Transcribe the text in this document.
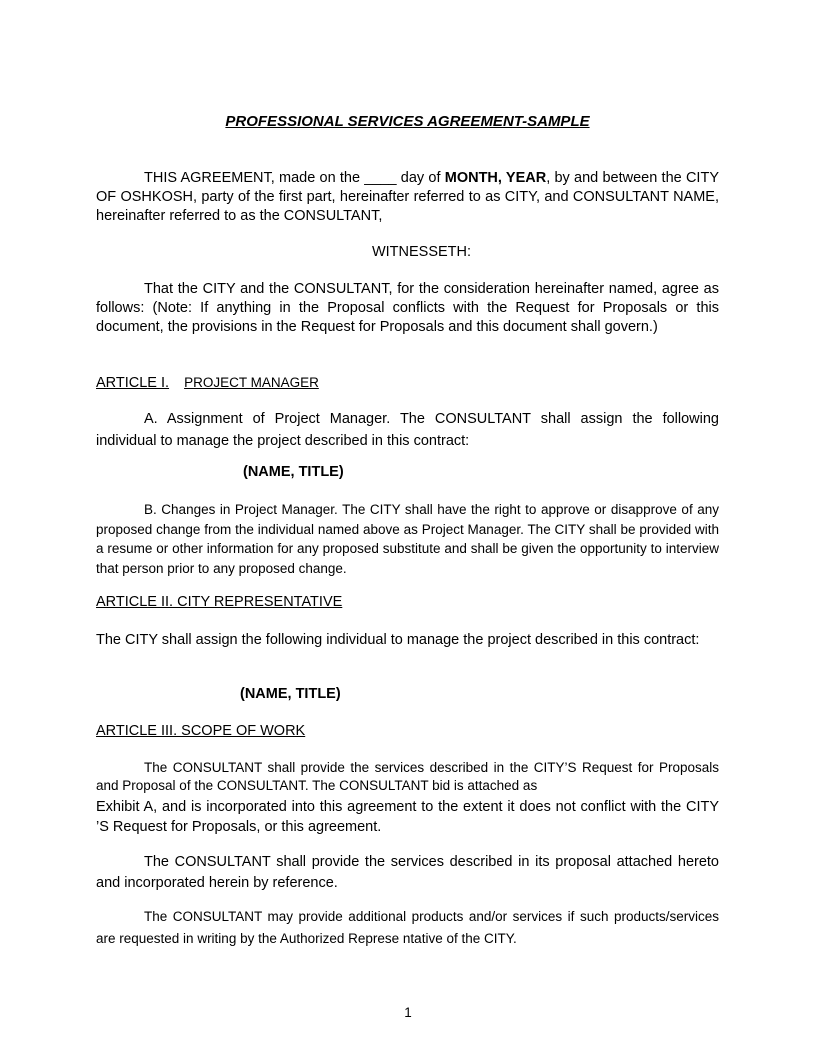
PROFESSIONAL SERVICES AGREEMENT-SAMPLE
THIS AGREEMENT, made on the ____ day of MONTH, YEAR, by and between the CITY OF OSHKOSH, party of the first part, hereinafter referred to as CITY, and CONSULTANT NAME, hereinafter referred to as the CONSULTANT,
WITNESSETH:
That the CITY and the CONSULTANT, for the consideration hereinafter named, agree as follows: (Note: If anything in the Proposal conflicts with the Request for Proposals or this document, the provisions in the Request for Proposals and this document shall govern.)
ARTICLE I. PROJECT MANAGER
A. Assignment of Project Manager. The CONSULTANT shall assign the following individual to manage the project described in this contract:
(NAME, TITLE)
B. Changes in Project Manager. The CITY shall have the right to approve or disapprove of any proposed change from the individual named above as Project Manager. The CITY shall be provided with a resume or other information for any proposed substitute and shall be given the opportunity to interview that person prior to any proposed change.
ARTICLE II. CITY REPRESENTATIVE
The CITY shall assign the following individual to manage the project described in this contract:
(NAME, TITLE)
ARTICLE III. SCOPE OF WORK
The CONSULTANT shall provide the services described in the CITY’S Request for Proposals and Proposal of the CONSULTANT. The CONSULTANT bid is attached as
Exhibit A, and is incorporated into this agreement to the extent it does not conflict with the CITY ’S Request for Proposals, or this agreement.
The CONSULTANT shall provide the services described in its proposal attached hereto and incorporated herein by reference.
The CONSULTANT may provide additional products and/or services if such products/services are requested in writing by the Authorized Represe ntative of the CITY.
1
